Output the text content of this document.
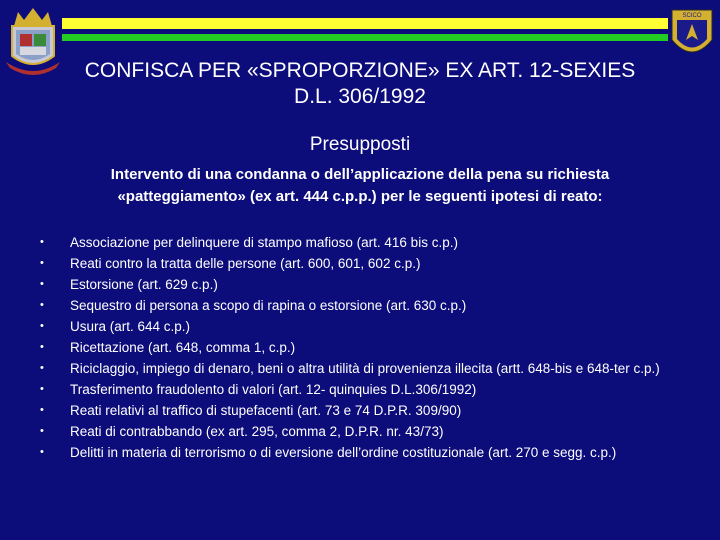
SCICO
CONFISCA PER «SPROPORZIONE» EX ART. 12-SEXIES
D.L. 306/1992
Presupposti
Intervento di una condanna o dell’applicazione della pena su richiesta
«patteggiamento» (ex art. 444 c.p.p.) per le seguenti ipotesi di reato:
• Associazione per delinquere di stampo mafioso (art. 416 bis c.p.)
• Reati contro la tratta delle persone (art. 600, 601, 602 c.p.)
• Estorsione (art. 629 c.p.)
• Sequestro di persona a scopo di rapina o estorsione (art. 630 c.p.)
• Usura (art. 644 c.p.)
• Ricettazione (art. 648, comma 1, c.p.)
• Riciclaggio, impiego di denaro, beni o altra utilità di provenienza illecita (artt. 648-bis e 648-ter c.p.)
• Trasferimento fraudolento di valori (art. 12- quinquies D.L.306/1992)
• Reati relativi al traffico di stupefacenti (art. 73 e 74 D.P.R. 309/90)
• Reati di contrabbando (ex art. 295, comma 2, D.P.R. nr. 43/73)
• Delitti in materia di terrorismo o di eversione dell’ordine costituzionale (art. 270 e segg. c.p.)
